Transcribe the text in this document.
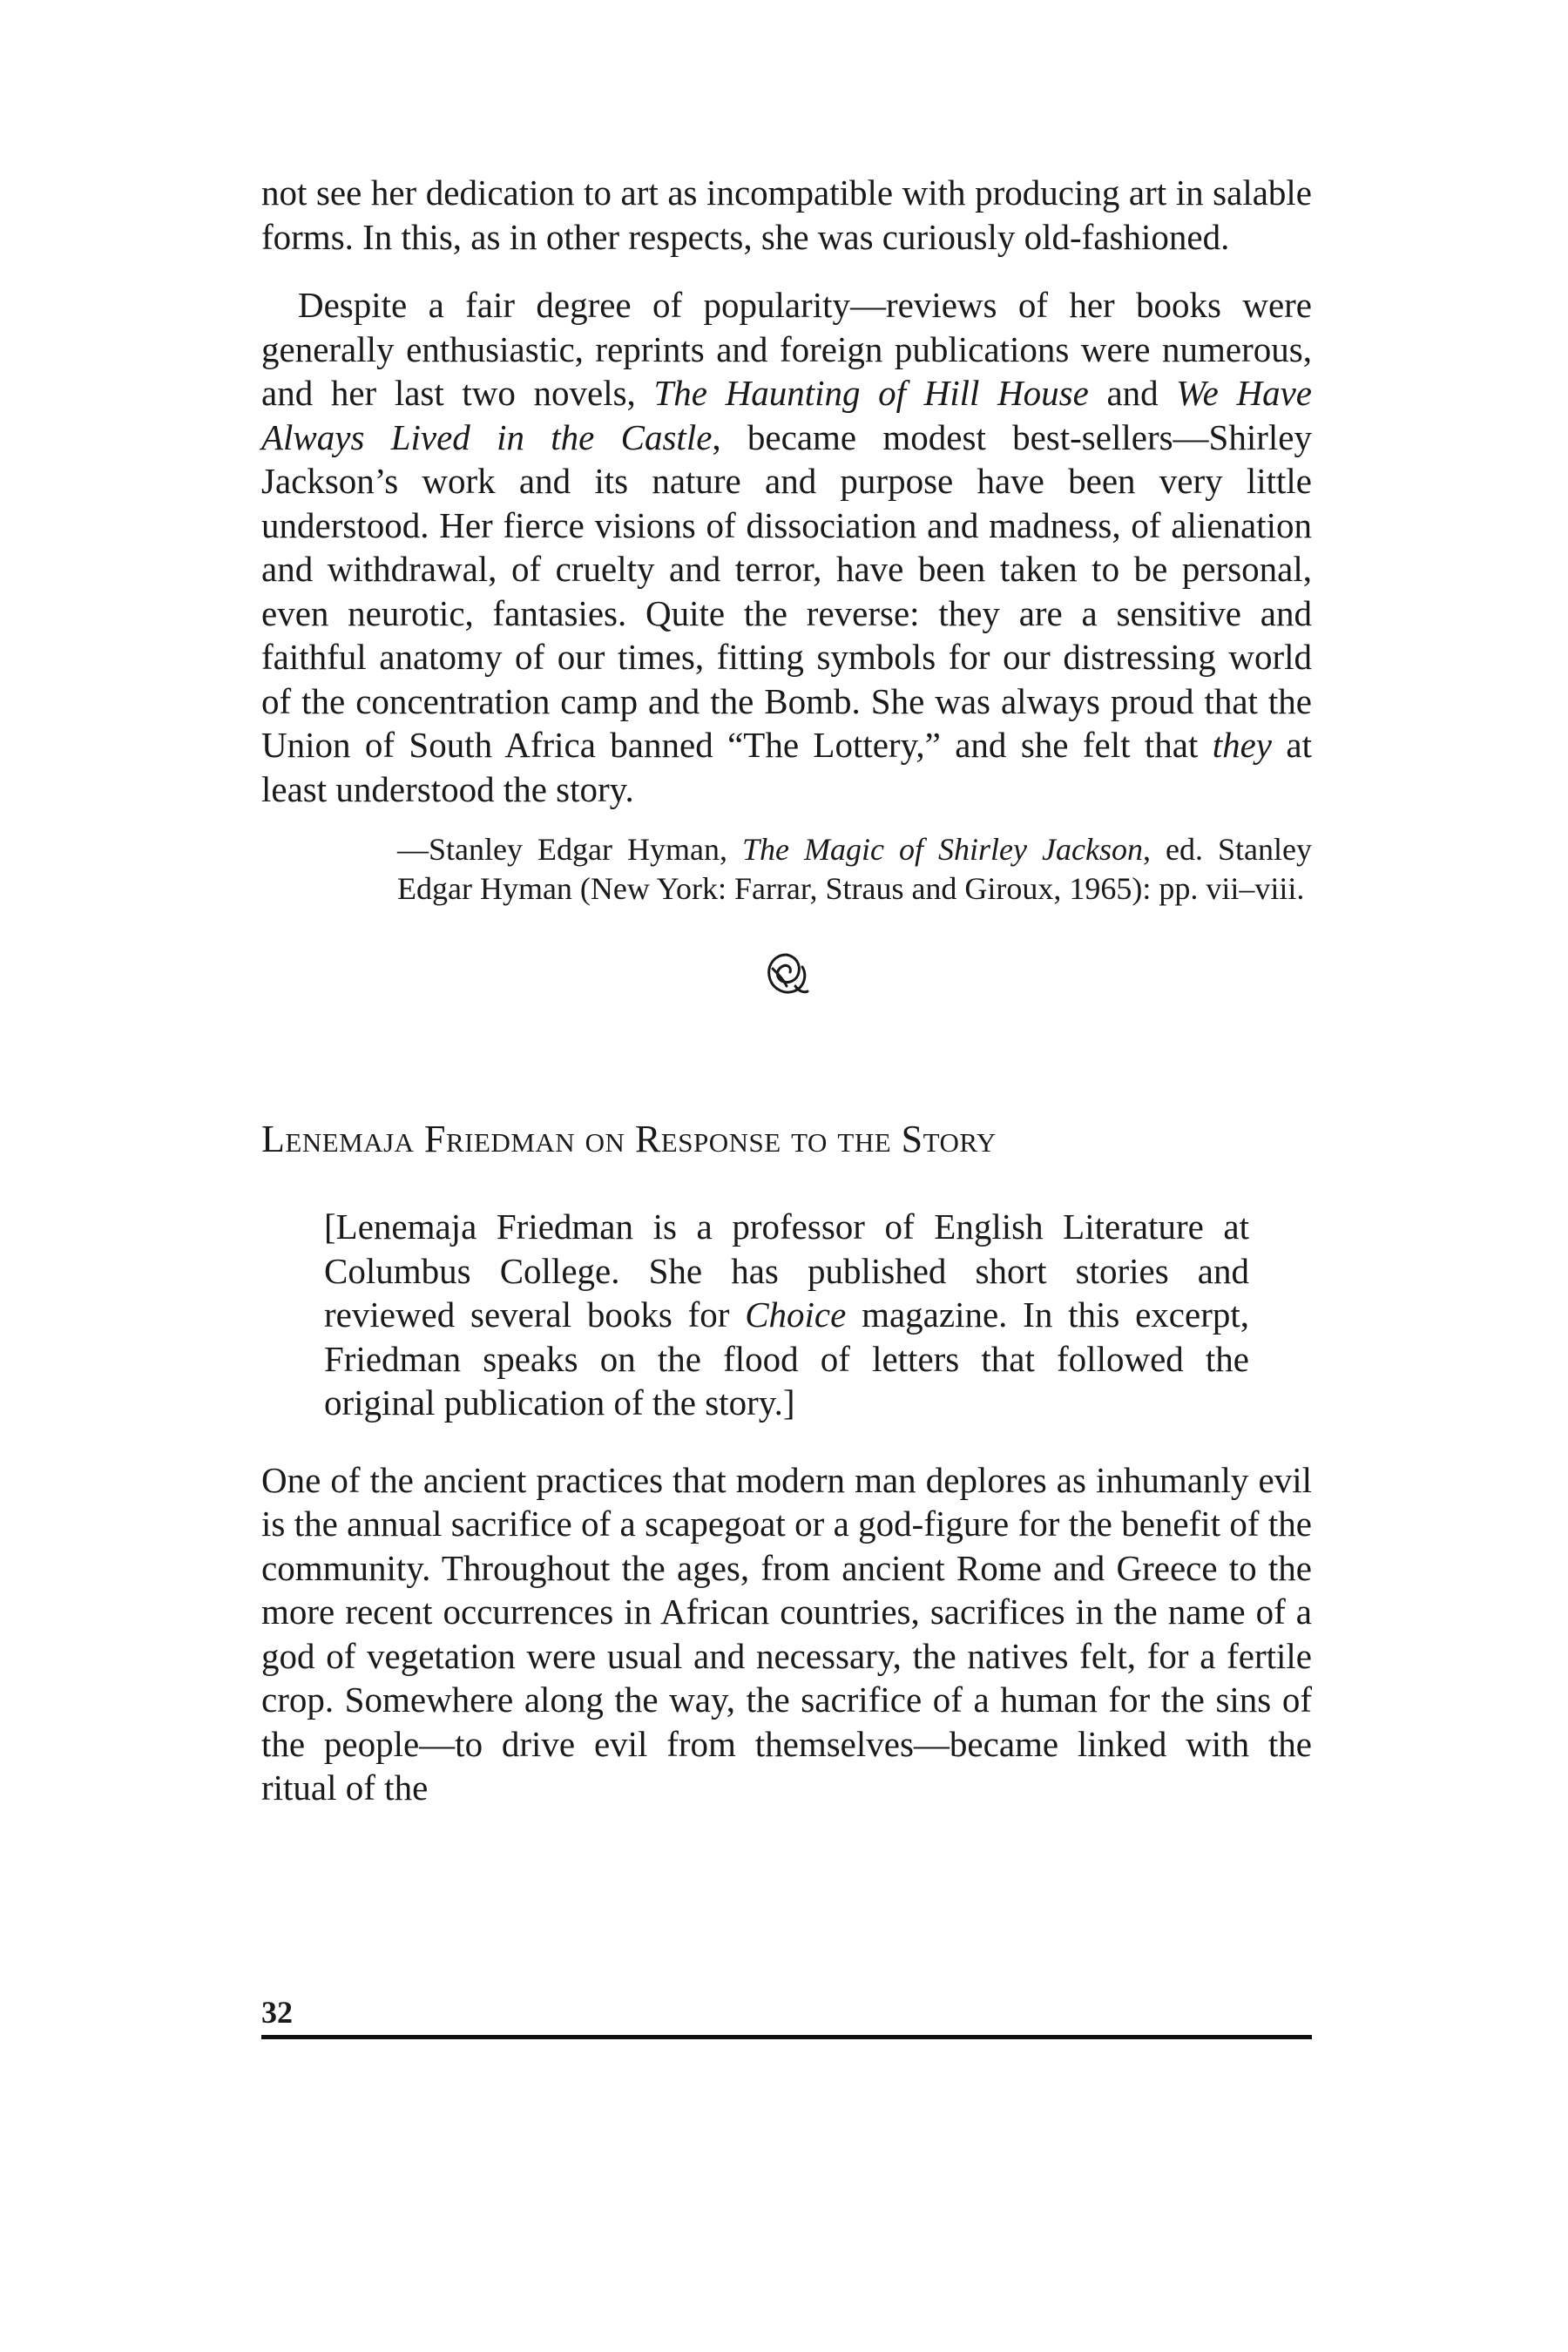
not see her dedication to art as incompatible with producing art in salable forms. In this, as in other respects, she was curiously old-fashioned.

Despite a fair degree of popularity—reviews of her books were generally enthusiastic, reprints and foreign publications were numerous, and her last two novels, The Haunting of Hill House and We Have Always Lived in the Castle, became modest best-sellers—Shirley Jackson’s work and its nature and purpose have been very little understood. Her fierce visions of dissociation and madness, of alienation and withdrawal, of cruelty and terror, have been taken to be personal, even neurotic, fantasies. Quite the reverse: they are a sensitive and faithful anatomy of our times, fitting symbols for our distressing world of the concentration camp and the Bomb. She was always proud that the Union of South Africa banned “The Lottery,” and she felt that they at least understood the story.

—Stanley Edgar Hyman, The Magic of Shirley Jackson, ed. Stanley Edgar Hyman (New York: Farrar, Straus and Giroux, 1965): pp. vii–viii.

Lenemaja Friedman on Response to the Story

[Lenemaja Friedman is a professor of English Literature at Columbus College. She has published short stories and reviewed several books for Choice magazine. In this excerpt, Friedman speaks on the flood of letters that followed the original publication of the story.]

One of the ancient practices that modern man deplores as inhumanly evil is the annual sacrifice of a scapegoat or a god-figure for the benefit of the community. Throughout the ages, from ancient Rome and Greece to the more recent occurrences in African countries, sacrifices in the name of a god of vegetation were usual and necessary, the natives felt, for a fertile crop. Somewhere along the way, the sacrifice of a human for the sins of the people—to drive evil from themselves—became linked with the ritual of the

32
